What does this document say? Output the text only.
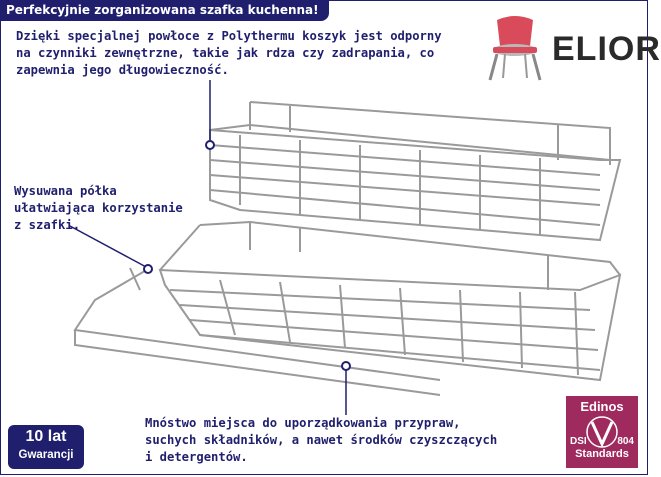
Perfekcyjnie zorganizowana szafka kuchenna!
Dzięki specjalnej powłoce z Polythermu koszyk jest odporny
na czynniki zewnętrzne, takie jak rdza czy zadrapania, co
zapewnia jego długowieczność.
Wysuwana półka
ułatwiająca korzystanie
z szafki.
Mnóstwo miejsca do uporządkowania przypraw,
suchych składników, a nawet środków czyszczących
i detergentów.
ELIOR
10 lat
Gwarancji
Edinos
DSI	804
Standards
